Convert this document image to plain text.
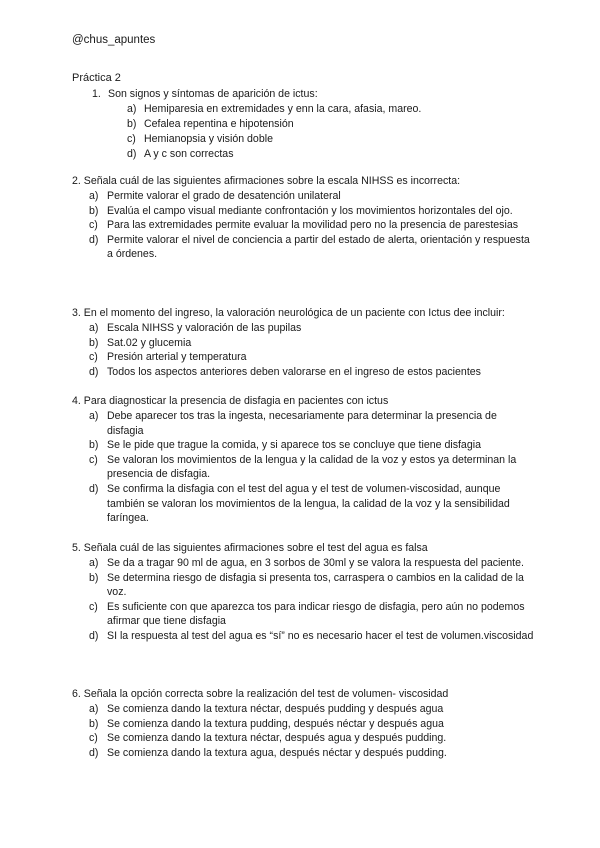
@chus_apuntes
Práctica 2
1. Son signos y síntomas de aparición de ictus:
a) Hemiparesia en extremidades y enn la cara, afasia, mareo.
b) Cefalea repentina e hipotensión
c) Hemianopsia y visión doble
d) A y c son correctas
2. Señala cuál de las siguientes afirmaciones sobre la escala NIHSS es incorrecta:
a) Permite valorar el grado de desatención unilateral
b) Evalúa el campo visual mediante confrontación y los movimientos horizontales del ojo.
c) Para las extremidades permite evaluar la movilidad pero no la presencia de parestesias
d) Permite valorar el nivel de conciencia a partir del estado de alerta, orientación y respuesta a órdenes.
3. En el momento del ingreso, la valoración neurológica de un paciente con Ictus dee incluir:
a) Escala NIHSS y valoración de las pupilas
b) Sat.02 y glucemia
c) Presión arterial y temperatura
d) Todos los aspectos anteriores deben valorarse en el ingreso de estos pacientes
4. Para diagnosticar la presencia de disfagia en pacientes con ictus
a) Debe aparecer tos tras la ingesta, necesariamente para determinar la presencia de disfagia
b) Se le pide que trague la comida, y si aparece tos se concluye que tiene disfagia
c) Se valoran los movimientos de la lengua y la calidad de la voz y estos ya determinan la presencia de disfagia.
d) Se confirma la disfagia con el test del agua y el test de volumen-viscosidad, aunque también se valoran los movimientos de la lengua, la calidad de la voz y la sensibilidad faríngea.
5. Señala cuál de las siguientes afirmaciones sobre el test del agua es falsa
a) Se da a tragar 90 ml de agua, en 3 sorbos de 30ml y se valora la respuesta del paciente.
b) Se determina riesgo de disfagia si presenta tos, carraspera o cambios en la calidad de la voz.
c) Es suficiente con que aparezca tos para indicar riesgo de disfagia, pero aún no podemos afirmar que tiene disfagia
d) SI la respuesta al test del agua es “sí” no es necesario hacer el test de volumen.viscosidad
6. Señala la opción correcta sobre la realización del test de volumen- viscosidad
a) Se comienza dando la textura néctar, después pudding y después agua
b) Se comienza dando la textura pudding, después néctar y después agua
c) Se comienza dando la textura néctar, después agua y después pudding.
d) Se comienza dando la textura agua, después néctar y después pudding.
